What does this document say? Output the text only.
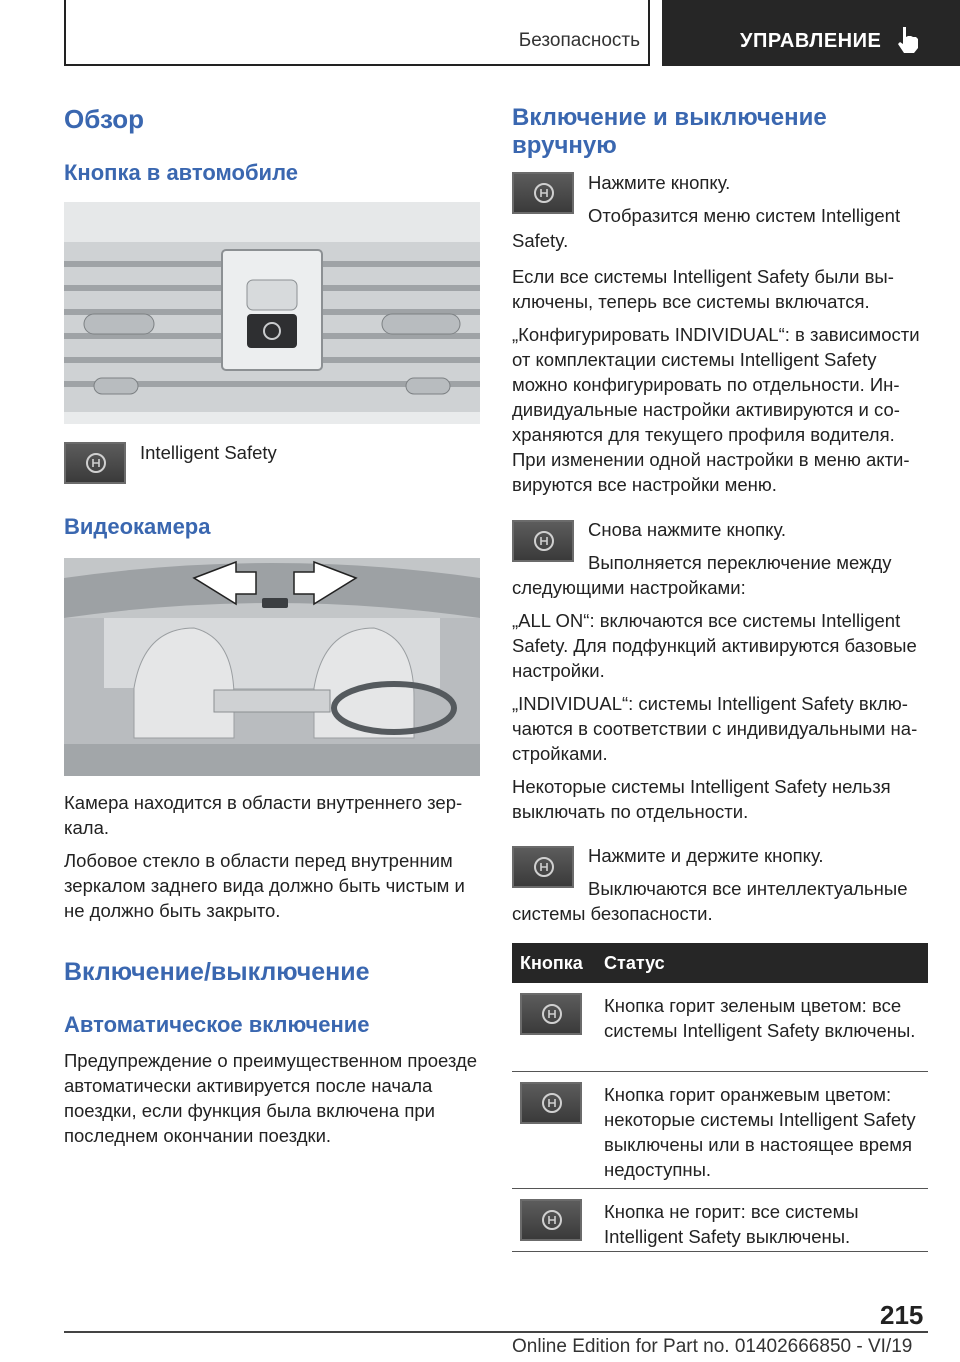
Безопасность	УПРАВЛЕНИЕ
Обзор
Кнопка в автомобиле
Intelligent Safety
Видеокамера

Камера находится в области внутреннего зеркала.

Лобовое стекло в области перед внутренним зеркалом заднего вида должно быть чистым и не должно быть закрыто.

Включение/выключение
Автоматическое включение
Предупреждение о преимущественном проезде автоматически активируется после начала поездки, если функция была включена при последнем окончании поездки.
Включение и выключение вручную
Нажмите кнопку.
Отобразится меню систем Intelligent Safety.

Если все системы Intelligent Safety были выключены, теперь все системы включатся.

„Конфигурировать INDIVIDUAL“: в зависимости от комплектации системы Intelligent Safety можно конфигурировать по отдельности. Индивидуальные настройки активируются и сохраняются для текущего профиля водителя. При изменении одной настройки в меню активируются все настройки меню.

Снова нажмите кнопку.
Выполняется переключение между следующими настройками:

„ALL ON“: включаются все системы Intelligent Safety. Для подфункций активируются базовые настройки.

„INDIVIDUAL“: системы Intelligent Safety включаются в соответствии с индивидуальными настройками.

Некоторые системы Intelligent Safety нельзя выключать по отдельности.

Нажмите и держите кнопку.
Выключаются все интеллектуальные системы безопасности.
Кнопка Статус
Кнопка горит зеленым цветом: все системы Intelligent Safety включены.
Кнопка горит оранжевым цветом: некоторые системы Intelligent Safety выключены или в настоящее время недоступны.
Кнопка не горит: все системы Intelligent Safety выключены.
215
Online Edition for Part no. 01402666850 - VI/19
